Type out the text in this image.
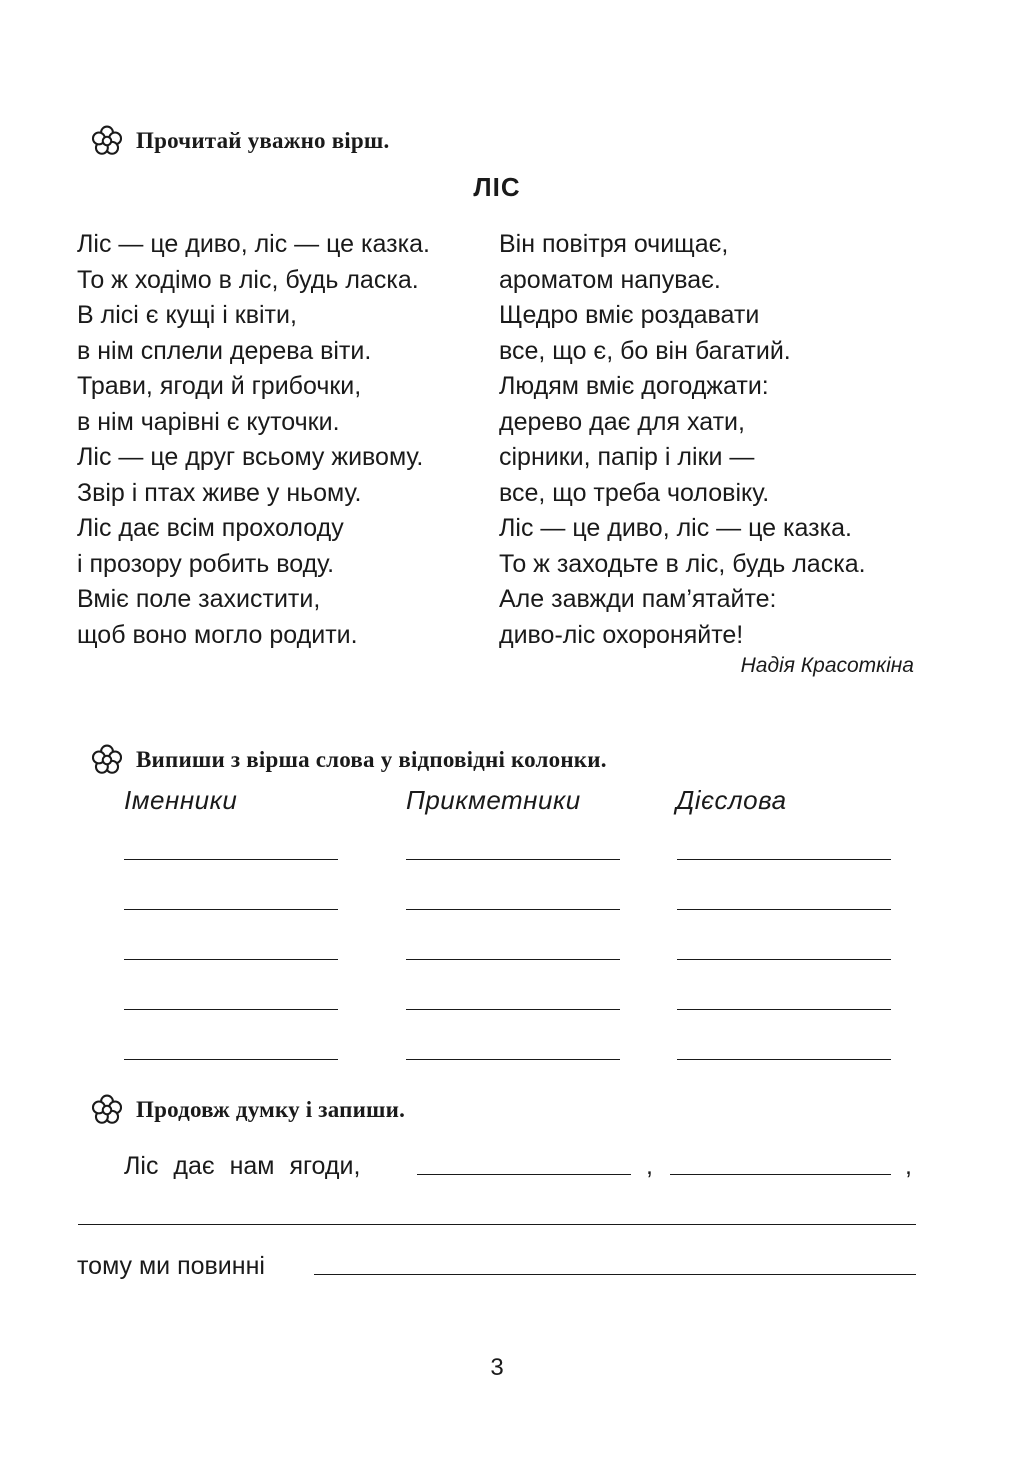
Прочитай уважно вірш.
ЛІС
Ліс — це диво, ліс — це казка.
То ж ходімо в ліс, будь ласка.
В лісі є кущі і квіти,
в нім сплели дерева віти.
Трави, ягоди й грибочки,
в нім чарівні є куточки.
Ліс — це друг всьому живому.
Звір і птах живе у ньому.
Ліс дає всім прохолоду
і прозору робить воду.
Вміє поле захистити,
щоб воно могло родити.
Він повітря очищає,
ароматом напуває.
Щедро вміє роздавати
все, що є, бо він багатий.
Людям вміє догоджати:
дерево дає для хати,
сірники, папір і ліки —
все, що треба чоловіку.
Ліс — це диво, ліс — це казка.
То ж заходьте в ліс, будь ласка.
Але завжди пам’ятайте:
диво-ліс охороняйте!
Надія Красоткіна
Випиши з вірша слова у відповідні колонки.
Іменники	Прикметники	Дієслова
Продовж думку і запиши.
Ліс дає нам ягоди,	,	,
тому ми повинні
3
